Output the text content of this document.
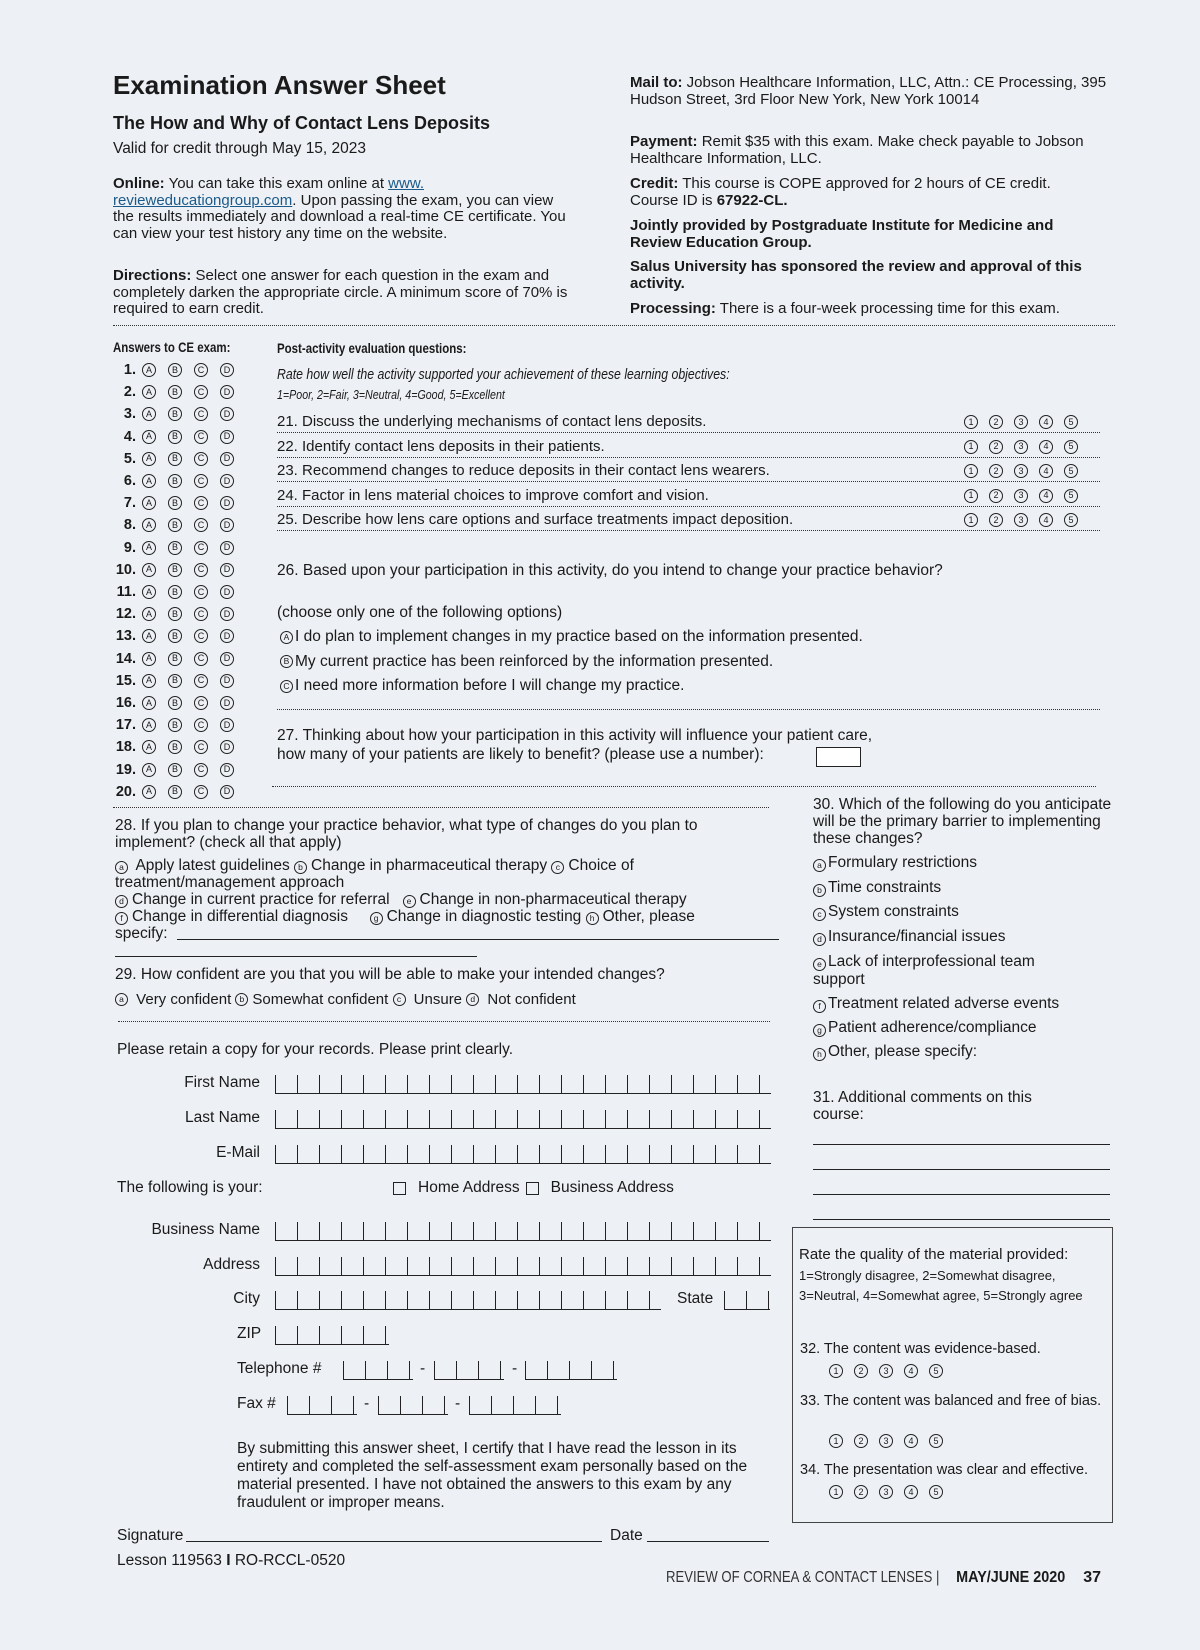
Examination Answer Sheet
The How and Why of Contact Lens Deposits
Valid for credit through May 15, 2023
Online: You can take this exam online at www.
revieweducationgroup.com. Upon passing the exam, you can view the results immediately and download a real-time CE certificate. You can view your test history any time on the website.
Directions: Select one answer for each question in the exam and completely darken the appropriate circle. A minimum score of 70% is required to earn credit.
Mail to: Jobson Healthcare Information, LLC, Attn.: CE Processing, 395
Hudson Street, 3rd Floor New York, New York 10014
Payment: Remit $35 with this exam. Make check payable to Jobson Healthcare Information, LLC.
Credit: This course is COPE approved for 2 hours of CE credit. Course ID is 67922-CL.
Jointly provided by Postgraduate Institute for Medicine and Review Education Group.
Salus University has sponsored the review and approval of this activity.
Processing: There is a four-week processing time for this exam.
Answers to CE exam:
1.	A	B	C	D
2.	A	B	C	D
3.	A	B	C	D
4.	A	B	C	D
5.	A	B	C	D
6.	A	B	C	D
7.	A	B	C	D
8.	A	B	C	D
9.	A	B	C	D
10.	A	B	C	D
11.	A	B	C	D
12.	A	B	C	D
13.	A	B	C	D
14.	A	B	C	D
15.	A	B	C	D
16.	A	B	C	D
17.	A	B	C	D
18.	A	B	C	D
19.	A	B	C	D
20.	A	B	C	D
Post-activity evaluation questions:
Rate how well the activity supported your achievement of these learning objectives:
1=Poor, 2=Fair, 3=Neutral, 4=Good, 5=Excellent
21. Discuss the underlying mechanisms of contact lens deposits.	1	2	3	4	5
22. Identify contact lens deposits in their patients.	1	2	3	4	5
23. Recommend changes to reduce deposits in their contact lens wearers.	1	2	3	4	5
24. Factor in lens material choices to improve comfort and vision.	1	2	3	4	5
25. Describe how lens care options and surface treatments impact deposition.	1	2	3	4	5
26. Based upon your participation in this activity, do you intend to change your practice behavior?
(choose only one of the following options)
A I do plan to implement changes in my practice based on the information presented.
B My current practice has been reinforced by the information presented.
C I need more information before I will change my practice.
27. Thinking about how your participation in this activity will influence your patient care,
how many of your patients are likely to benefit? (please use a number):
28. If you plan to change your practice behavior, what type of changes do you plan to implement? (check all that apply)
a Apply latest guidelines b Change in pharmaceutical therapy c Choice of
treatment/management approach
d Change in current practice for referral e Change in non-pharmaceutical therapy
f Change in differential diagnosis	g Change in diagnostic testing h Other, please
specify:
29. How confident are you that you will be able to make your intended changes?
a
Very confident
b Somewhat confident
	c
Unsure
d
Not confident
30. Which of the following do you anticipate will be the primary barrier to implementing these changes?
a Formulary restrictions
b Time constraints
c System constraints
d Insurance/financial issues
e Lack of interprofessional team support
f Treatment related adverse events
g Patient adherence/compliance
h Other, please specify:
31. Additional comments on this course:
Please retain a copy for your records. Please print clearly.
First Name
Last Name
E-Mail
The following is your:	Home Address Business Address
Business Name
Address
City	State
ZIP
Telephone #	-	-
Fax #	-	-
By submitting this answer sheet, I certify that I have read the lesson in its entirety and completed the self-assessment exam personally based on the material presented. I have not obtained the answers to this exam by any fraudulent or improper means.
Signature	Date
Lesson 119563 I RO-RCCL-0520
Rate the quality of the material provided:
1=Strongly disagree, 2=Somewhat disagree, 3=Neutral, 4=Somewhat agree, 5=Strongly agree
32. The content was evidence-based.
1	2	3	4	5
33. The content was balanced and free of bias.
1	2	3	4	5
34. The presentation was clear and effective.
1	2	3	4	5
REVIEW OF CORNEA & CONTACT LENSES | MAY/JUNE 2020 37
